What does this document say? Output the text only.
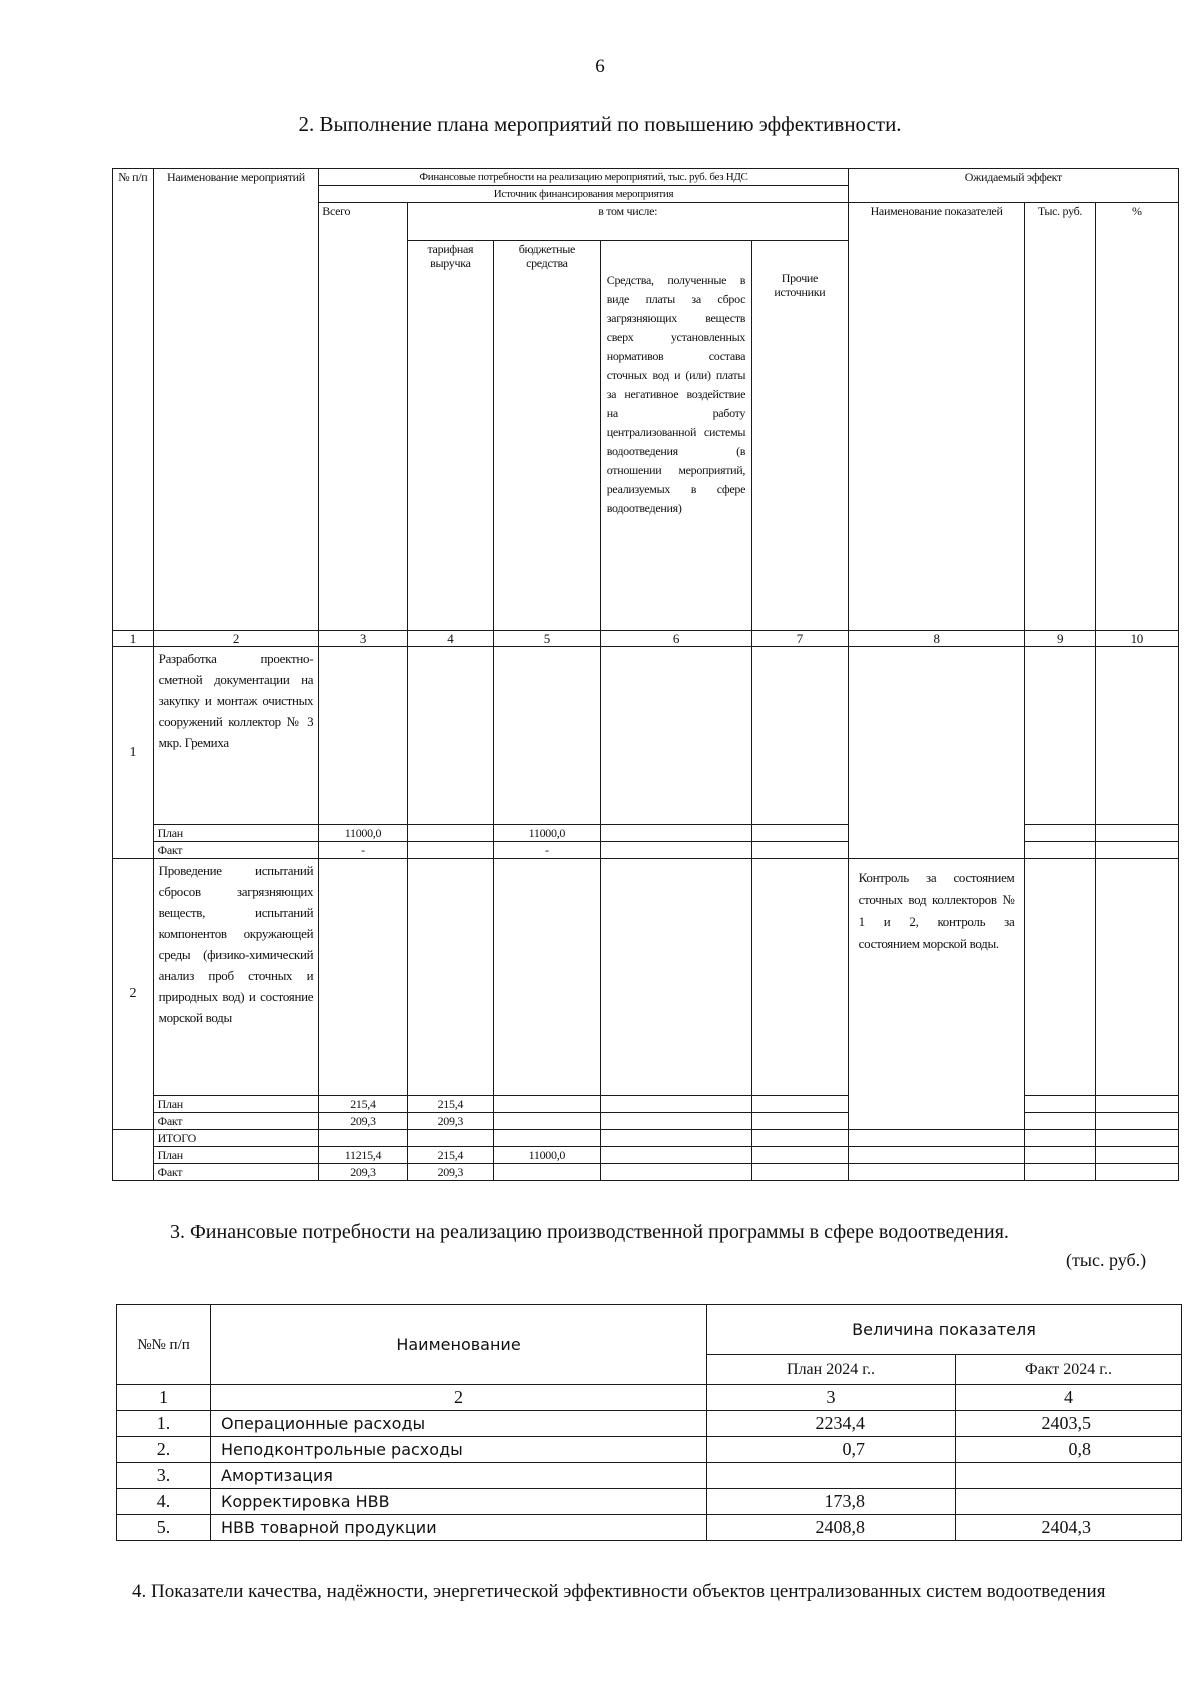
6
2. Выполнение плана мероприятий по повышению эффективности.
№ п/п	Наименование мероприятий	Финансовые потребности на реализацию мероприятий, тыс. руб. без НДС					Ожидаемый эффект		
		Источник финансирования мероприятия							
		Всего	в том числе:				Наименование показателей	Тыс. руб.	%
			тарифная выручка	бюджетные средства	Средства, полученные в виде платы за сброс загрязняющих веществ сверх установленных нормативов состава сточных вод и (или) платы за негативное воздействие на работу централизованной системы водоотведения (в отношении мероприятий, реализуемых в сфере водоотведения)	Прочие источники			
1	2	3	4	5	6	7	8	9	10
1	Разработка проектно-сметной документации на закупку и монтаж очистных сооружений коллектор № 3 мкр. Гремиха								
	План	11000,0		11000,0					
	Факт	-		-					
2	Проведение испытаний сбросов загрязняющих веществ, испытаний компонентов окружающей среды (физико-химический анализ проб сточных и природных вод) и состояние морской воды						Контроль за состоянием сточных вод коллекторов № 1 и 2, контроль за состоянием морской воды.		
	План	215,4	215,4						
	Факт	209,3	209,3						
	ИТОГО								
	План	11215,4	215,4	11000,0					
	Факт	209,3	209,3						
3. Финансовые потребности на реализацию производственной программы в сфере водоотведения.
(тыс. руб.)
№№ п/п	Наименование	Величина показателя	
		План 2024 г..	Факт 2024 г..
1	2	3	4
1.	Операционные расходы	2234,4	2403,5
2.	Неподконтрольные расходы	0,7	0,8
3.	Амортизация		
4.	Корректировка НВВ	173,8	
5.	НВВ товарной продукции	2408,8	2404,3
4. Показатели качества, надёжности, энергетической эффективности объектов централизованных систем водоотведения
